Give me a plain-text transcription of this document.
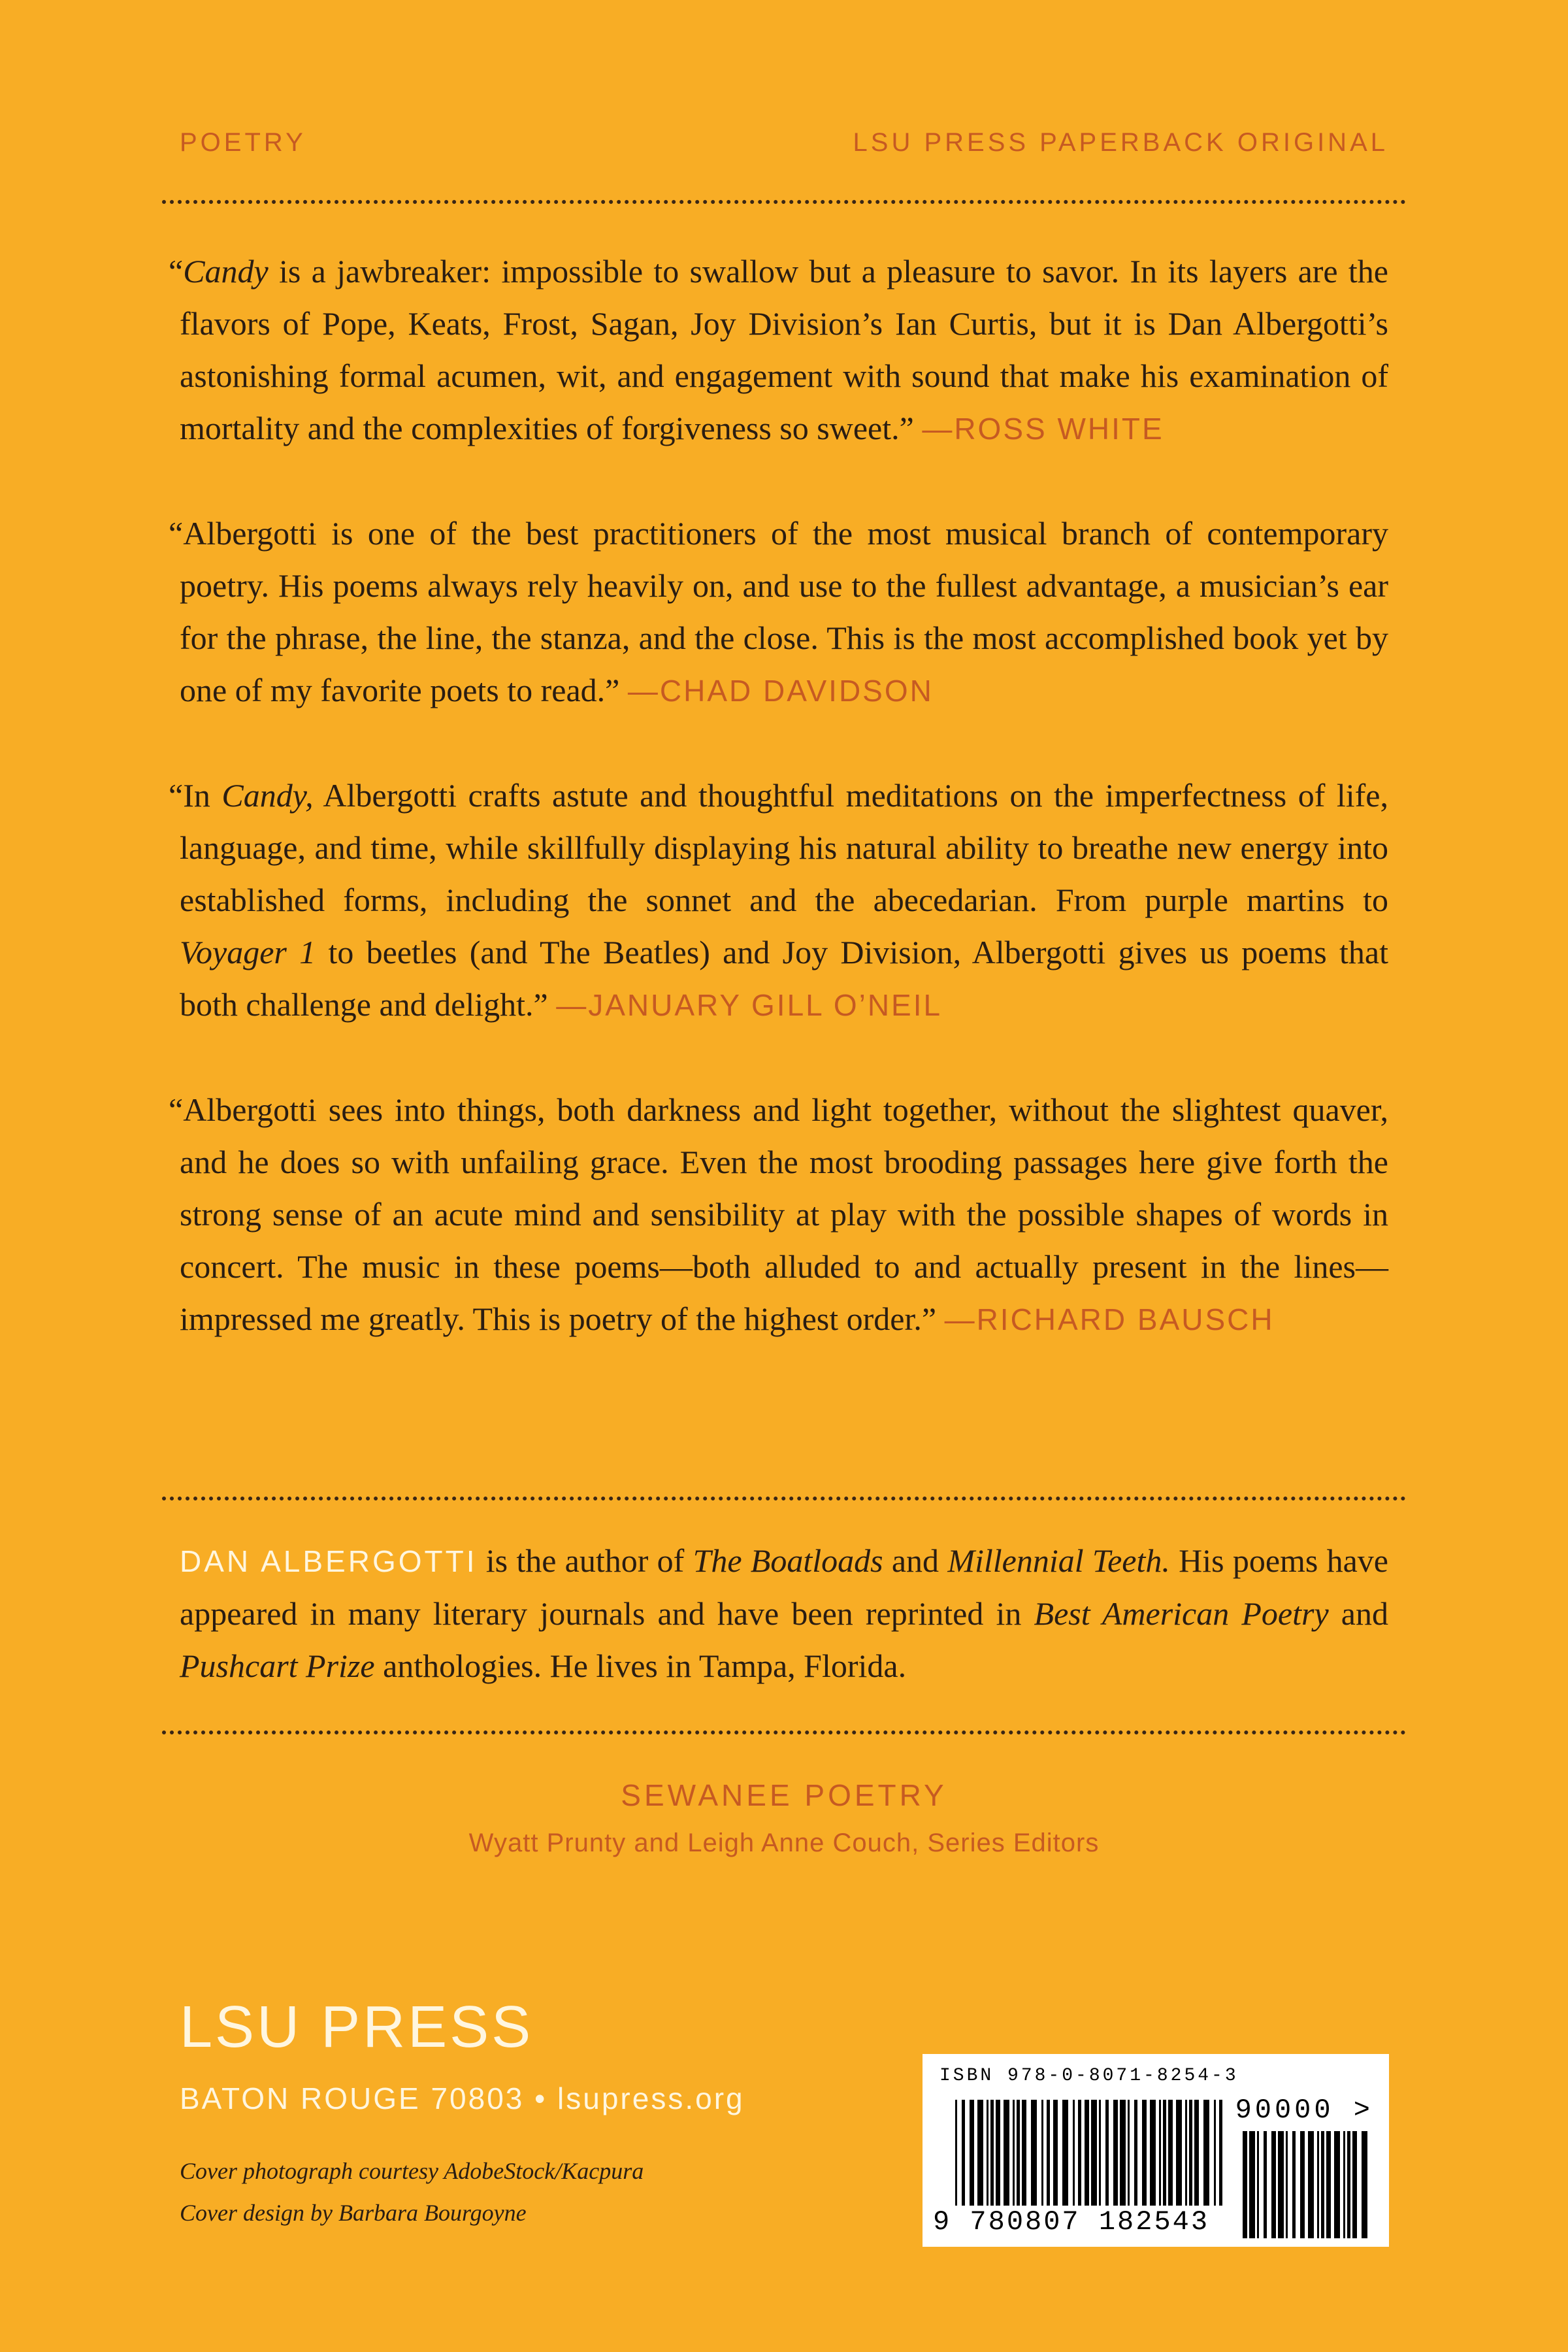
POETRY	LSU PRESS PAPERBACK ORIGINAL

“Candy is a jawbreaker: impossible to swallow but a pleasure to savor. In its layers are the flavors of Pope, Keats, Frost, Sagan, Joy Division’s Ian Curtis, but it is Dan Albergotti’s astonishing formal acumen, wit, and engagement with sound that make his examination of mortality and the complexities of forgiveness so sweet.” —ROSS WHITE

“Albergotti is one of the best practitioners of the most musical branch of contemporary poetry. His poems always rely heavily on, and use to the fullest advantage, a musician’s ear for the phrase, the line, the stanza, and the close. This is the most accomplished book yet by one of my favorite poets to read.” —CHAD DAVIDSON

“In Candy, Albergotti crafts astute and thoughtful meditations on the imperfectness of life, language, and time, while skillfully displaying his natural ability to breathe new energy into established forms, including the sonnet and the abecedarian. From purple martins to Voyager 1 to beetles (and The Beatles) and Joy Division, Albergotti gives us poems that both challenge and delight.” —JANUARY GILL O’NEIL

“Albergotti sees into things, both darkness and light together, without the slightest quaver, and he does so with unfailing grace. Even the most brooding passages here give forth the strong sense of an acute mind and sensibility at play with the possible shapes of words in concert. The music in these poems—both alluded to and actually present in the lines—impressed me greatly. This is poetry of the highest order.” —RICHARD BAUSCH

DAN ALBERGOTTI is the author of The Boatloads and Millennial Teeth. His poems have appeared in many literary journals and have been reprinted in Best American Poetry and Pushcart Prize anthologies. He lives in Tampa, Florida.

SEWANEE POETRY
Wyatt Prunty and Leigh Anne Couch, Series Editors
LSU PRESS
BATON ROUGE 70803 • lsupress.org
Cover photograph courtesy AdobeStock/Kacpura
Cover design by Barbara Bourgoyne
ISBN 978-0-8071-8254-3
90000 >
9 780807 182543
